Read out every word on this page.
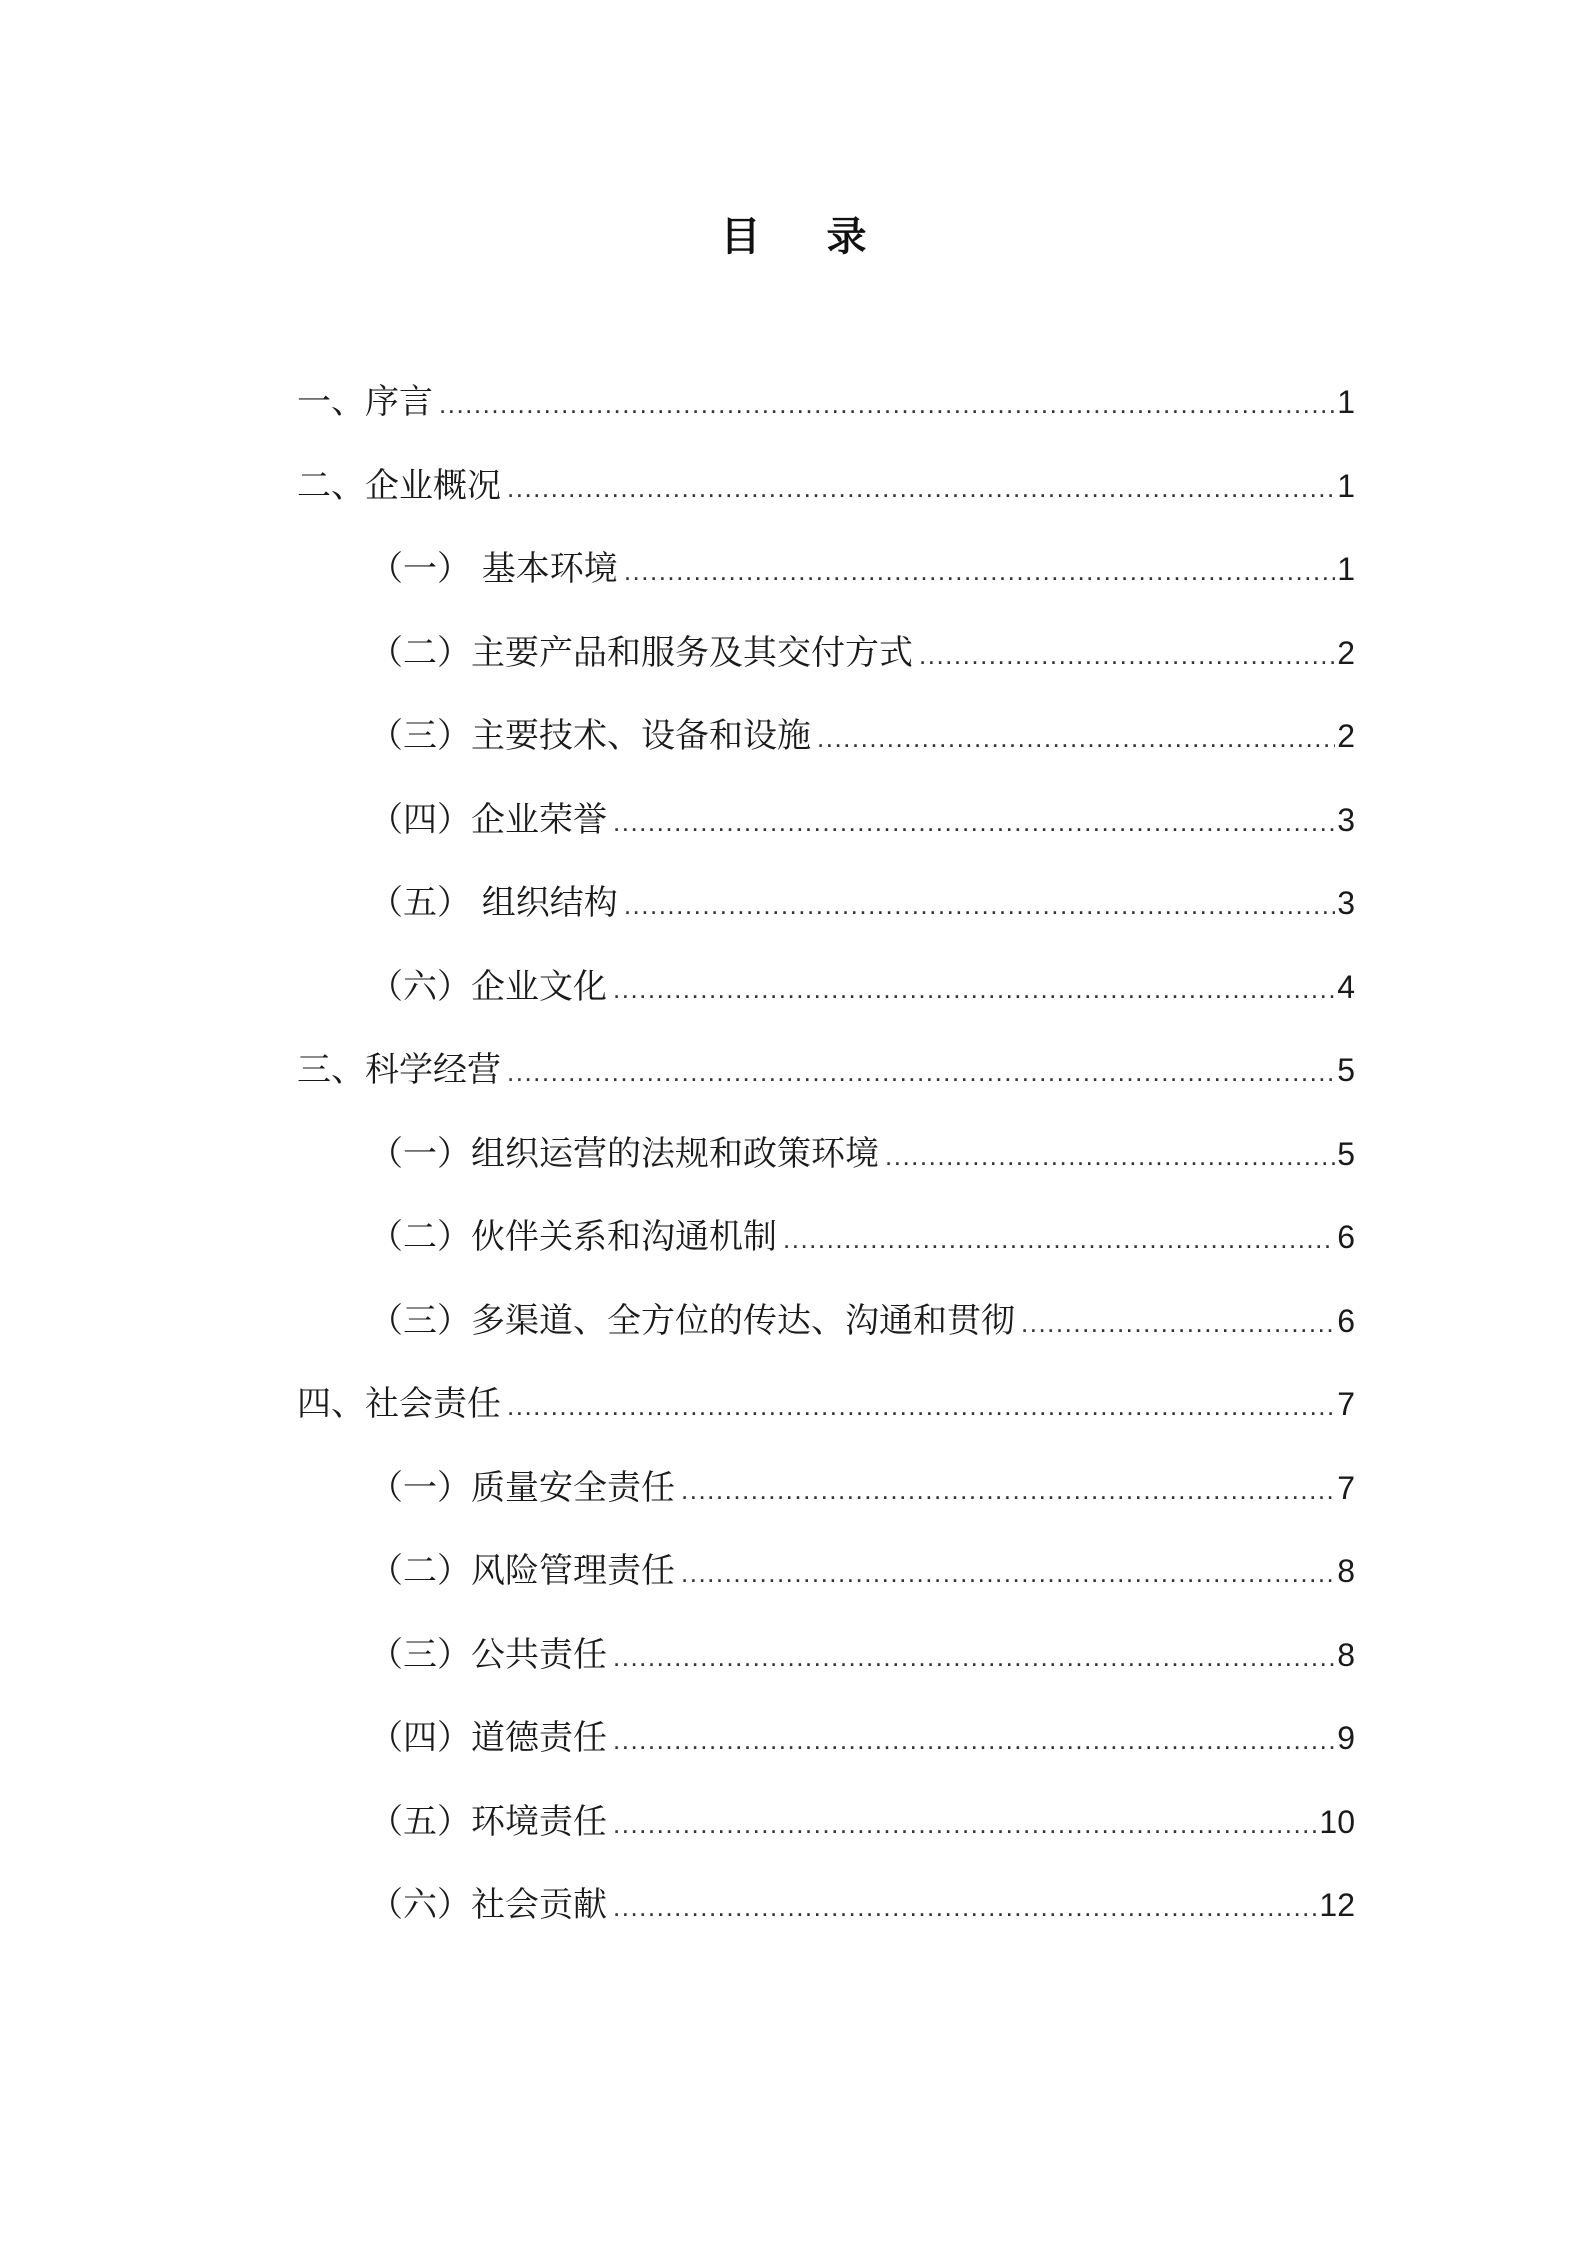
目 录
一、序言 .....	1
二、企业概况 .....	1
（一） 基本环境 .....	1
（二）主要产品和服务及其交付方式 .....	2
（三）主要技术、设备和设施 .....	2
（四）企业荣誉 .....	3
（五） 组织结构 .....	3
（六）企业文化 .....	4
三、科学经营 .....	5
（一）组织运营的法规和政策环境 .....	5
（二）伙伴关系和沟通机制 .....	6
（三）多渠道、全方位的传达、沟通和贯彻 .....	6
四、社会责任 .....	7
（一）质量安全责任 .....	7
（二）风险管理责任 .....	8
（三）公共责任 .....	8
（四）道德责任 .....	9
（五）环境责任 .....	10
（六）社会贡献 .....	12
